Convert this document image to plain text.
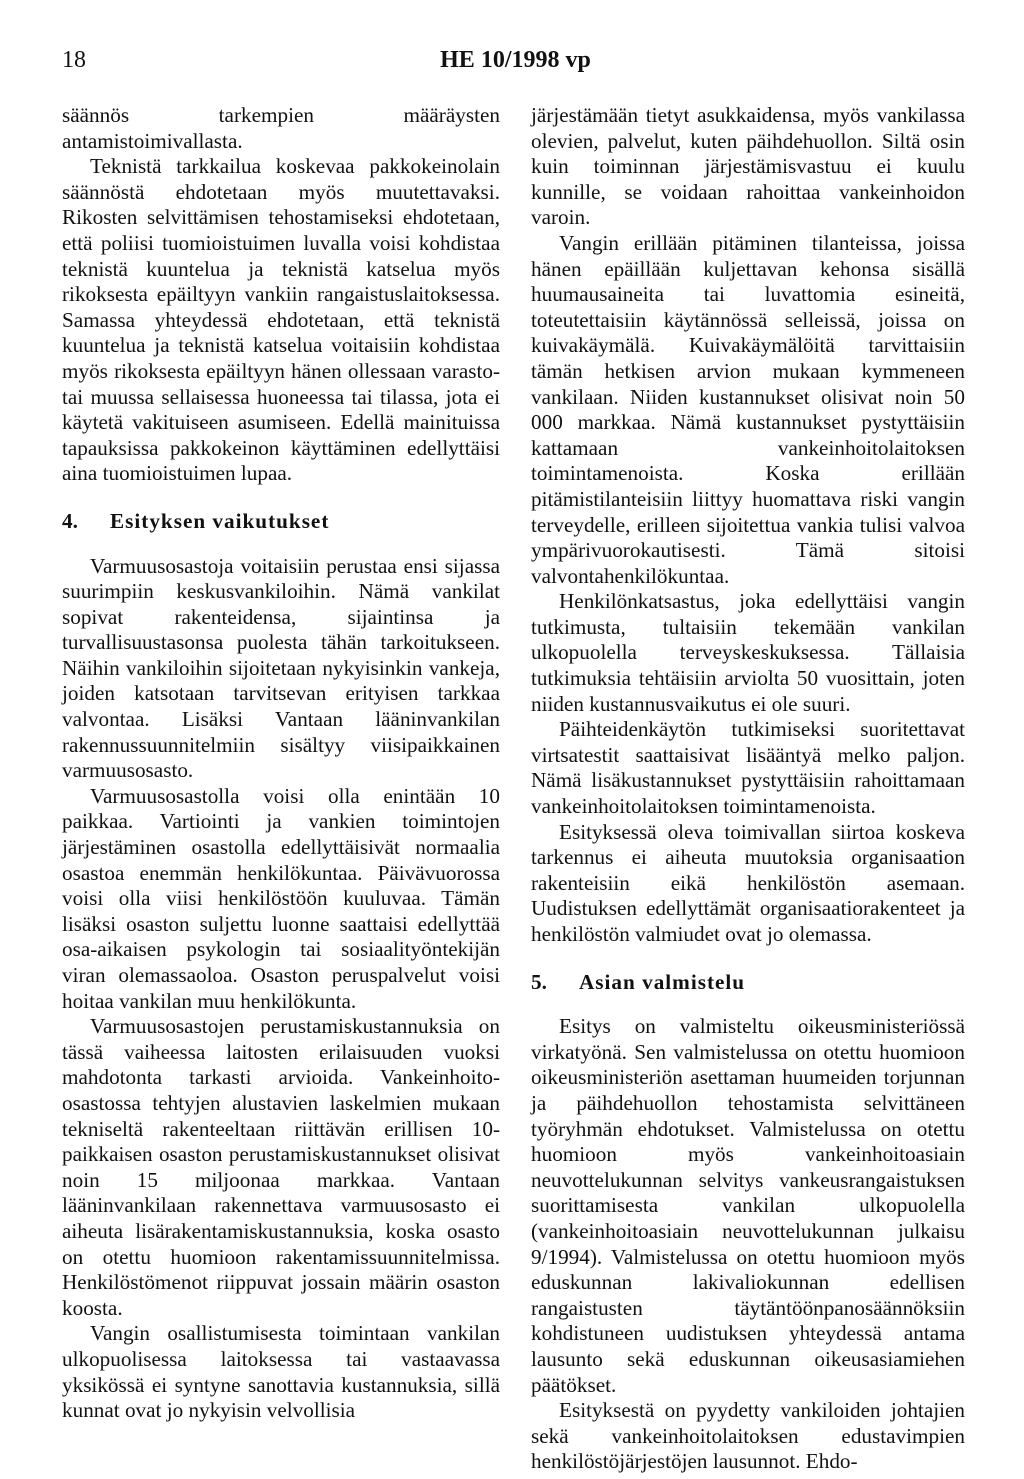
18	HE 10/1998 vp

säännös tarkempien määräysten antamistoimivallasta.

Teknistä tarkkailua koskevaa pakkokeinolain säännöstä ehdotetaan myös muutettavaksi. Rikosten selvittämisen tehostamiseksi ehdotetaan, että poliisi tuomioistuimen luvalla voisi kohdistaa teknistä kuuntelua ja teknistä katselua myös rikoksesta epäiltyyn vankiin rangaistuslaitoksessa. Samassa yhteydessä ehdotetaan, että teknistä kuuntelua ja teknistä katselua voitaisiin kohdistaa myös rikoksesta epäiltyyn hänen ollessaan varasto- tai muussa sellaisessa huoneessa tai tilassa, jota ei käytetä vakituiseen asumiseen. Edellä mainituissa tapauksissa pakkokeinon käyttäminen edellyttäisi aina tuomioistuimen lupaa.

4. Esityksen vaikutukset

Varmuusosastoja voitaisiin perustaa ensi sijassa suurimpiin keskusvankiloihin. Nämä vankilat sopivat rakenteidensa, sijaintinsa ja turvallisuustasonsa puolesta tähän tarkoitukseen. Näihin vankiloihin sijoitetaan nykyisinkin vankeja, joiden katsotaan tarvitsevan erityisen tarkkaa valvontaa. Lisäksi Vantaan lääninvankilan rakennussuunnitelmiin sisältyy viisipaikkainen varmuusosasto.

Varmuusosastolla voisi olla enintään 10 paikkaa. Vartiointi ja vankien toimintojen järjestäminen osastolla edellyttäisivät normaalia osastoa enemmän henkilökuntaa. Päivävuorossa voisi olla viisi henkilöstöön kuuluvaa. Tämän lisäksi osaston suljettu luonne saattaisi edellyttää osa-aikaisen psykologin tai sosiaalityöntekijän viran olemassaoloa. Osaston peruspalvelut voisi hoitaa vankilan muu henkilökunta.

Varmuusosastojen perustamiskustannuksia on tässä vaiheessa laitosten erilaisuuden vuoksi mahdotonta tarkasti arvioida. Vankeinhoito-osastossa tehtyjen alustavien laskelmien mukaan tekniseltä rakenteeltaan riittävän erillisen 10-paikkaisen osaston perustamiskustannukset olisivat noin 15 miljoonaa markkaa. Vantaan lääninvankilaan rakennettava varmuusosasto ei aiheuta lisärakentamiskustannuksia, koska osasto on otettu huomioon rakentamissuunnitelmissa. Henkilöstömenot riippuvat jossain määrin osaston koosta.

Vangin osallistumisesta toimintaan vankilan ulkopuolisessa laitoksessa tai vastaavassa yksikössä ei syntyne sanottavia kustannuksia, sillä kunnat ovat jo nykyisin velvollisia

järjestämään tietyt asukkaidensa, myös vankilassa olevien, palvelut, kuten päihdehuollon. Siltä osin kuin toiminnan järjestämisvastuu ei kuulu kunnille, se voidaan rahoittaa vankeinhoidon varoin.

Vangin erillään pitäminen tilanteissa, joissa hänen epäillään kuljettavan kehonsa sisällä huumausaineita tai luvattomia esineitä, toteutettaisiin käytännössä selleissä, joissa on kuivakäymälä. Kuivakäymälöitä tarvittaisiin tämän hetkisen arvion mukaan kymmeneen vankilaan. Niiden kustannukset olisivat noin 50 000 markkaa. Nämä kustannukset pystyttäisiin kattamaan vankeinhoitolaitoksen toimintamenoista. Koska erillään pitämistilanteisiin liittyy huomattava riski vangin terveydelle, erilleen sijoitettua vankia tulisi valvoa ympärivuorokautisesti. Tämä sitoisi valvontahenkilökuntaa.

Henkilönkatsastus, joka edellyttäisi vangin tutkimusta, tultaisiin tekemään vankilan ulkopuolella terveyskeskuksessa. Tällaisia tutkimuksia tehtäisiin arviolta 50 vuosittain, joten niiden kustannusvaikutus ei ole suuri.

Päihteidenkäytön tutkimiseksi suoritettavat virtsatestit saattaisivat lisääntyä melko paljon. Nämä lisäkustannukset pystyttäisiin rahoittamaan vankeinhoitolaitoksen toimintamenoista.

Esityksessä oleva toimivallan siirtoa koskeva tarkennus ei aiheuta muutoksia organisaation rakenteisiin eikä henkilöstön asemaan. Uudistuksen edellyttämät organisaatiorakenteet ja henkilöstön valmiudet ovat jo olemassa.

5. Asian valmistelu

Esitys on valmisteltu oikeusministeriössä virkatyönä. Sen valmistelussa on otettu huomioon oikeusministeriön asettaman huumeiden torjunnan ja päihdehuollon tehostamista selvittäneen työryhmän ehdotukset. Valmistelussa on otettu huomioon myös vankeinhoitoasiain neuvottelukunnan selvitys vankeusrangaistuksen suorittamisesta vankilan ulkopuolella (vankeinhoitoasiain neuvottelukunnan julkaisu 9/1994). Valmistelussa on otettu huomioon myös eduskunnan lakivaliokunnan edellisen rangaistusten täytäntöönpanosäännöksiin kohdistuneen uudistuksen yhteydessä antama lausunto sekä eduskunnan oikeusasiamiehen päätökset.

Esityksestä on pyydetty vankiloiden johtajien sekä vankeinhoitolaitoksen edustavimpien henkilöstöjärjestöjen lausunnot. Ehdo-
